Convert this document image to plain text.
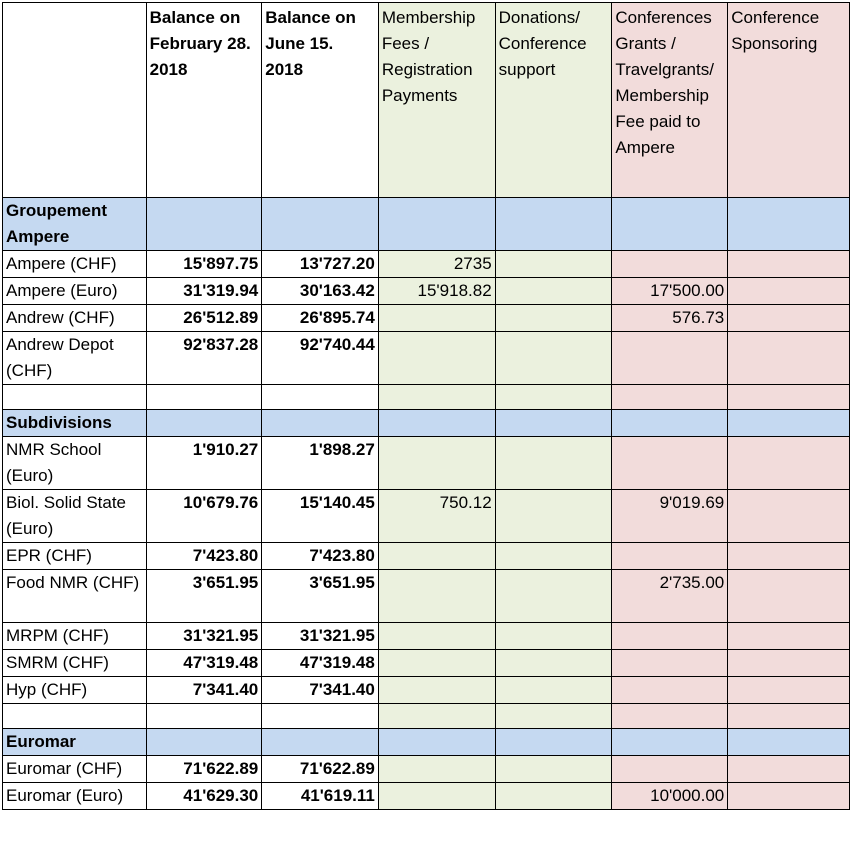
	Balance on February 28. 2018	Balance on June 15. 2018	Membership Fees / Registration Payments	Donations/ Conference support	Conferences Grants / Travelgrants/ Membership Fee paid to Ampere	Conference Sponsoring
Groupement Ampere						
Ampere (CHF)	15'897.75	13'727.20	2735			
Ampere (Euro)	31'319.94	30'163.42	15'918.82		17'500.00	
Andrew (CHF)	26'512.89	26'895.74			576.73	
Andrew Depot (CHF)	92'837.28	92'740.44				

Subdivisions						
NMR School (Euro)	1'910.27	1'898.27				
Biol. Solid State (Euro)	10'679.76	15'140.45	750.12		9'019.69	
EPR (CHF)	7'423.80	7'423.80				
Food NMR (CHF)	3'651.95	3'651.95			2'735.00	
MRPM (CHF)	31'321.95	31'321.95				
SMRM (CHF)	47'319.48	47'319.48				
Hyp (CHF)	7'341.40	7'341.40				

Euromar						
Euromar (CHF)	71'622.89	71'622.89				
Euromar (Euro)	41'629.30	41'619.11			10'000.00	
